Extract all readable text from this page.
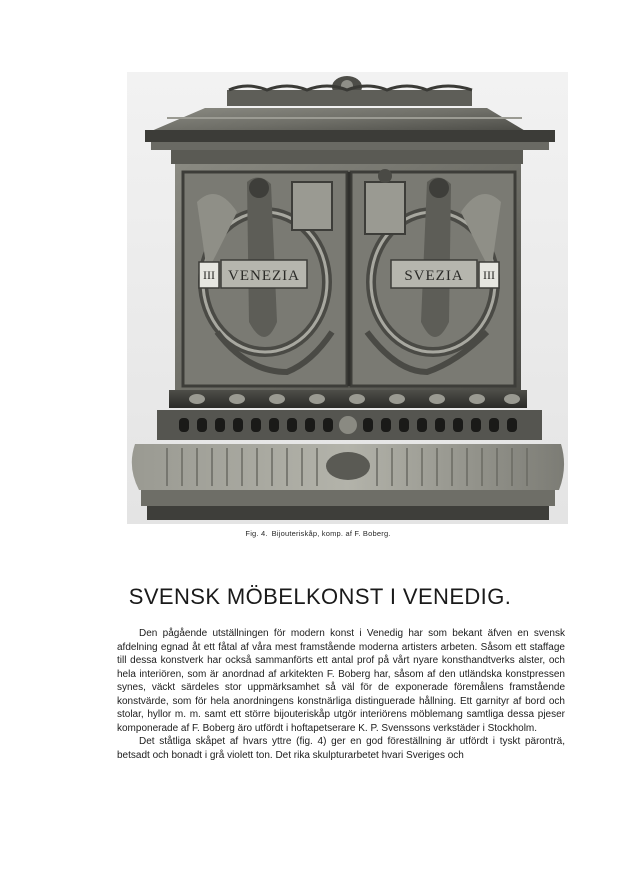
III VENEZIA	III
SVEZIA
Fig. 4. Bijouteriskåp, komp. af F. Boberg.
SVENSK MÖBELKONST I VENEDIG.

Den pågående utställningen för modern konst i Venedig har som bekant äfven en svensk afdelning egnad åt ett fåtal af våra mest framstående moderna artisters arbeten. Såsom ett staffage till dessa konstverk har också sammanförts ett antal prof på vårt nyare konsthandtverks alster, och hela interiören, som är anordnad af arkitekten F. Boberg har, såsom af den utländska konstpressen synes, väckt särdeles stor uppmärksamhet så väl för de exponerade föremålens framstående konstvärde, som för hela anordningens konstnärliga distinguerade hållning. Ett garnityr af bord och stolar, hyllor m. m. samt ett större bijouteriskåp utgör interiörens möblemang samtliga dessa pjeser komponerade af F. Boberg äro utfördt i hoftapetserare K. P. Svenssons verkstäder i Stockholm.

Det ståtliga skåpet af hvars yttre (fig. 4) ger en god föreställning är utfördt i tyskt päronträ, betsadt och bonadt i grå violett ton. Det rika skulpturarbetet hvari Sveriges och
